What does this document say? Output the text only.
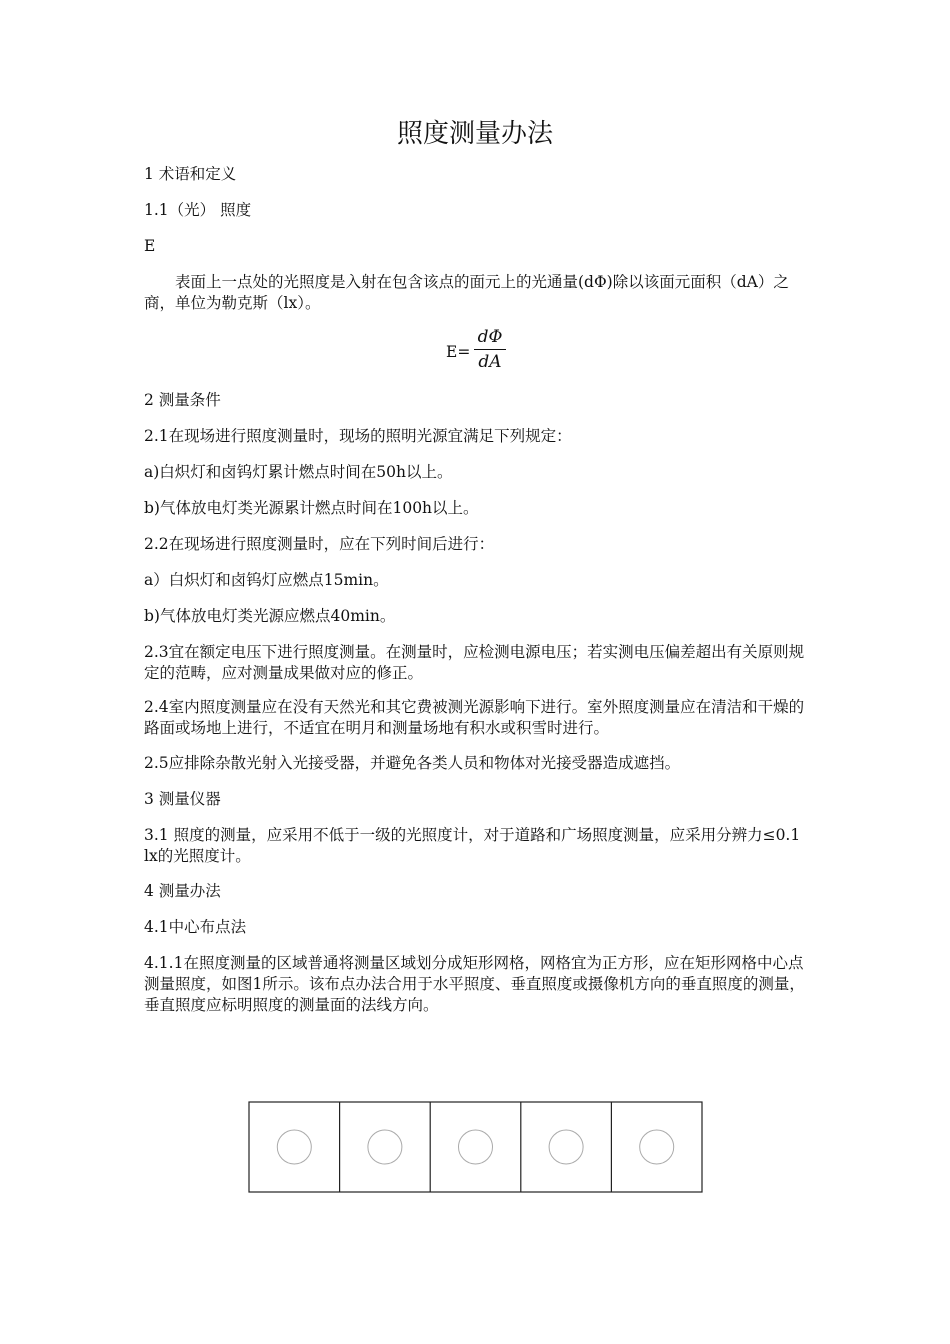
照度测量办法

1 术语和定义

1.1（光） 照度

E

表面上一点处的光照度是入射在包含该点的面元上的光通量(dΦ)除以该面元面积（dA）之商，单位为勒克斯（lx）。

E=
dΦ
dA

2 测量条件

2.1在现场进行照度测量时，现场的照明光源宜满足下列规定：

a)白炽灯和卤钨灯累计燃点时间在50h以上。

b)气体放电灯类光源累计燃点时间在100h以上。

2.2在现场进行照度测量时，应在下列时间后进行：

a）白炽灯和卤钨灯应燃点15min。

b)气体放电灯类光源应燃点40min。

2.3宜在额定电压下进行照度测量。在测量时，应检测电源电压；若实测电压偏差超出有关原则规定的范畴，应对测量成果做对应的修正。

2.4室内照度测量应在没有天然光和其它费被测光源影响下进行。室外照度测量应在清洁和干燥的路面或场地上进行，不适宜在明月和测量场地有积水或积雪时进行。

2.5应排除杂散光射入光接受器，并避免各类人员和物体对光接受器造成遮挡。

3 测量仪器

3.1 照度的测量，应采用不低于一级的光照度计，对于道路和广场照度测量，应采用分辨力≤0.1 lx的光照度计。

4 测量办法

4.1中心布点法

4.1.1在照度测量的区域普通将测量区域划分成矩形网格，网格宜为正方形，应在矩形网格中心点测量照度，如图1所示。该布点办法合用于水平照度、垂直照度或摄像机方向的垂直照度的测量，垂直照度应标明照度的测量面的法线方向。
